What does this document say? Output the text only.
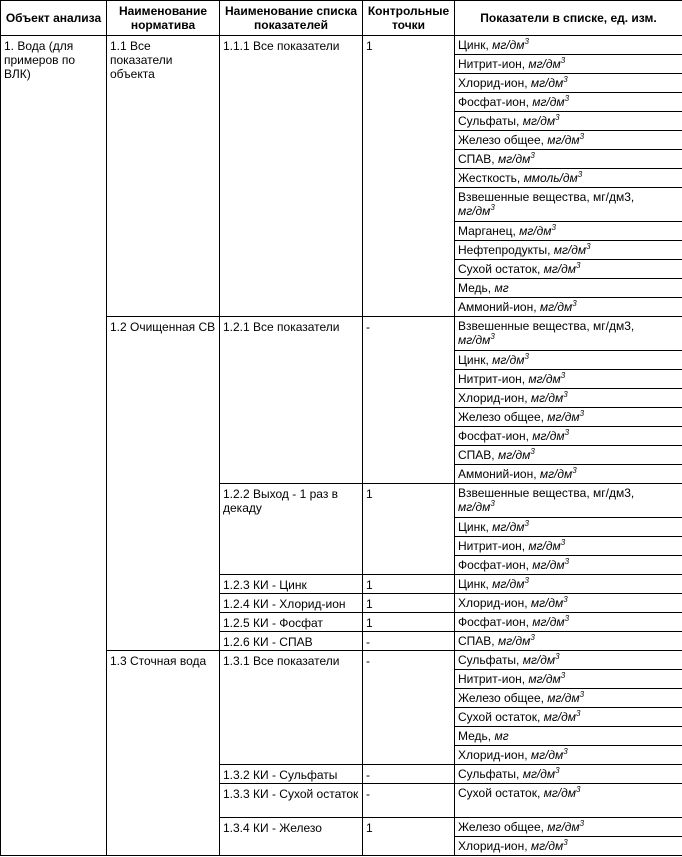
Объект анализа	Наименование норматива	Наименование списка показателей	Контрольные точки	Показатели в списке, ед. изм.
1. Вода (для примеров по ВЛК)	1.1 Все показатели объекта	1.1.1 Все показатели	1	Цинк, $мг/дм^3$
				Нитрит-ион, $мг/дм^3$
				Хлорид-ион, $мг/дм^3$
				Фосфат-ион, $мг/дм^3$
				Сульфаты, $мг/дм^3$
				Железо общее, $мг/дм^3$
				СПАВ, $мг/дм^3$
				Жесткость, ммоль/$дм^3$
				Взвешенные вещества, мг/дм3,
$мг/дм^3$

				Марганец, $мг/дм^3$
				Нефтепродукты, $мг/дм^3$
				Сухой остаток, $мг/дм^3$
				Медь, мг
				Аммоний-ион, $мг/дм^3$
	1.2 Очищенная СВ	1.2.1 Все показатели	-	Взвешенные вещества, мг/дм3,
$мг/дм^3$

				Цинк, $мг/дм^3$
				Нитрит-ион, $мг/дм^3$
				Хлорид-ион, $мг/дм^3$
				Железо общее, $мг/дм^3$
				Фосфат-ион, $мг/дм^3$
				СПАВ, $мг/дм^3$
				Аммоний-ион, $мг/дм^3$
		1.2.2 Выход - 1 раз в декаду	1	Взвешенные вещества, мг/дм3,
$мг/дм^3$

				Цинк, $мг/дм^3$
				Нитрит-ион, $мг/дм^3$
				Фосфат-ион, $мг/дм^3$
		1.2.3 КИ - Цинк	1	Цинк, $мг/дм^3$
		1.2.4 КИ - Хлорид-ион	1	Хлорид-ион, $мг/дм^3$
		1.2.5 КИ - Фосфат	1	Фосфат-ион, $мг/дм^3$
		1.2.6 КИ - СПАВ	-	СПАВ, $мг/дм^3$
	1.3 Сточная вода	1.3.1 Все показатели	-	Сульфаты, $мг/дм^3$
				Нитрит-ион, $мг/дм^3$
				Железо общее, $мг/дм^3$
				Сухой остаток, $мг/дм^3$
				Медь, мг
				Хлорид-ион, $мг/дм^3$
		1.3.2 КИ - Сульфаты	-	Сульфаты, $мг/дм^3$
		1.3.3 КИ - Сухой остаток	-	Сухой остаток, $мг/дм^3$
		1.3.4 КИ - Железо	1	Железо общее, $мг/дм^3$
				Хлорид-ион, $мг/дм^3$
